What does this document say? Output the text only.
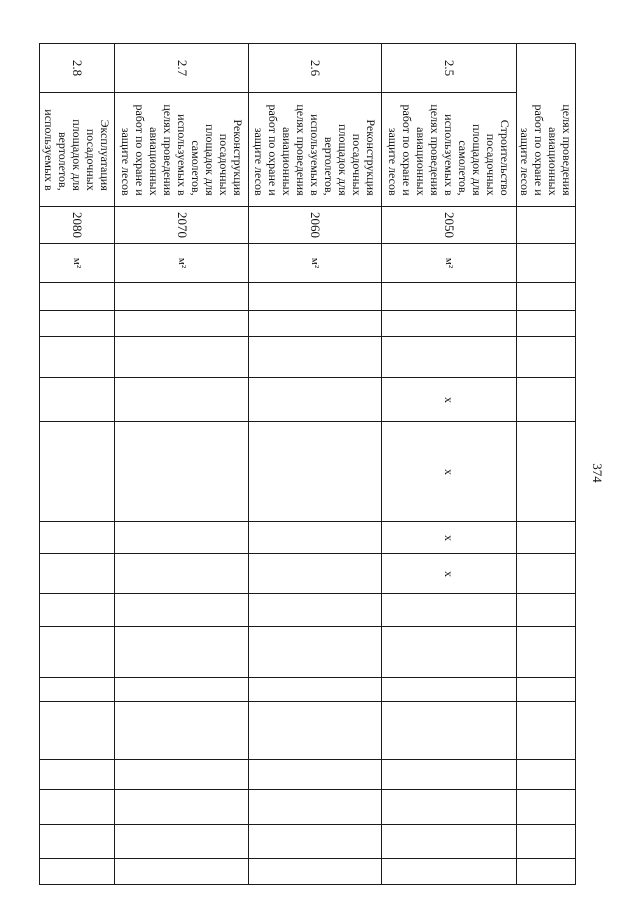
374
целях проведения
авиационных
работ по охране и
защите лесов
2.5
Строительство
посадочных
площадок для
самолетов,
используемых в
целях проведения
авиационных
работ по охране и
защите лесов
2050
м²
х
х
х
х
2.6
Реконструкция
посадочных
площадок для
вертолетов,
используемых в
целях проведения
авиационных
работ по охране и
защите лесов
2060
м²
2.7
Реконструкция
посадочных
площадок для
самолетов,
используемых в
целях проведения
авиационных
работ по охране и
защите лесов
2070
м²
2.8
Эксплуатация
посадочных
площадок для
вертолетов,
используемых в
2080
м²
